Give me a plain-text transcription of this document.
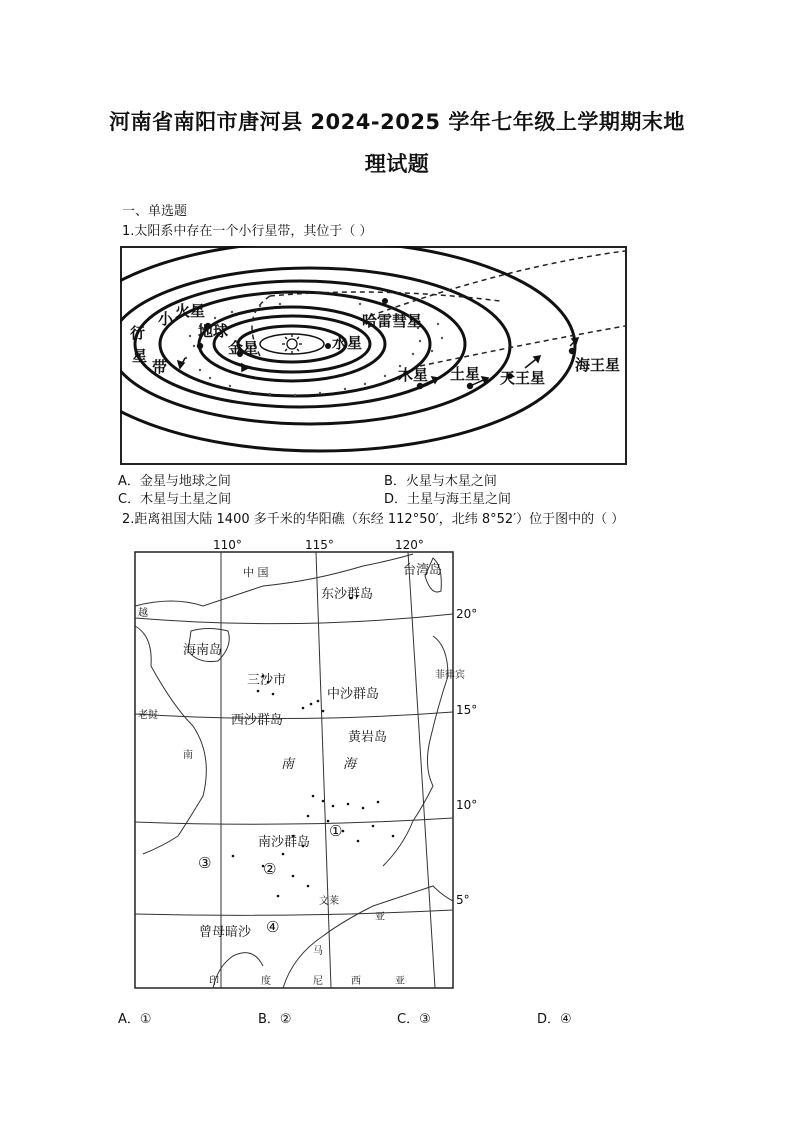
河南省南阳市唐河县 2024-2025 学年七年级上学期期末地
理试题
一、单选题
1.太阳系中存在一个小行星带，其位于（ ）
小
行
星
带
火星
地球
金星	水星
哈雷彗星
木星 土星 天王星
海王星
A．金星与地球之间	B．火星与木星之间
C．木星与土星之间	D．土星与海王星之间
2.距离祖国大陆 1400 多千米的华阳礁（东经 112°50′，北纬 8°52′）位于图中的（ ）
110°	115°	120°
20°
15°
10°
5°
中 国	台湾岛
东沙群岛
越
海南岛
三沙市
中沙群岛
西沙群岛
老挝
黄岩岛
菲律宾
南
南	海
南沙群岛
①
②
③
④
曾母暗沙
文莱
亚
马
印	度	尼	西	亚
A．①	B．②	C．③	D．④
